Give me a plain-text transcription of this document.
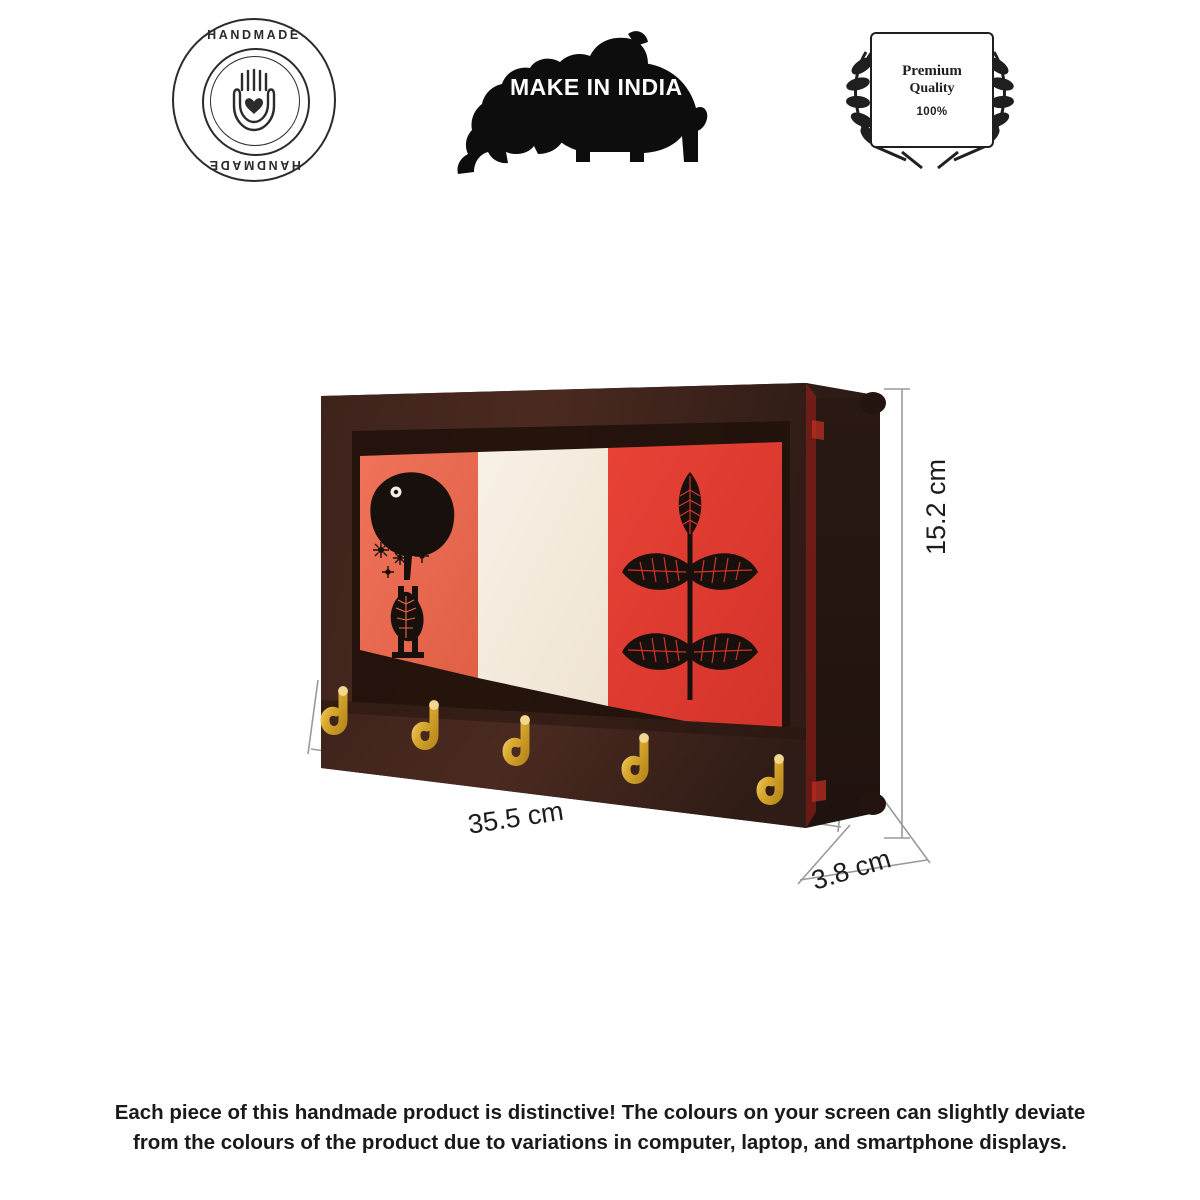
HANDMADE
HANDMADE
MAKE IN INDIA
Premium
Quality
100%
15.2 cm
35.5 cm
3.8 cm
Each piece of this handmade product is distinctive! The colours on your screen can slightly deviate
from the colours of the product due to variations in computer, laptop, and smartphone displays.
